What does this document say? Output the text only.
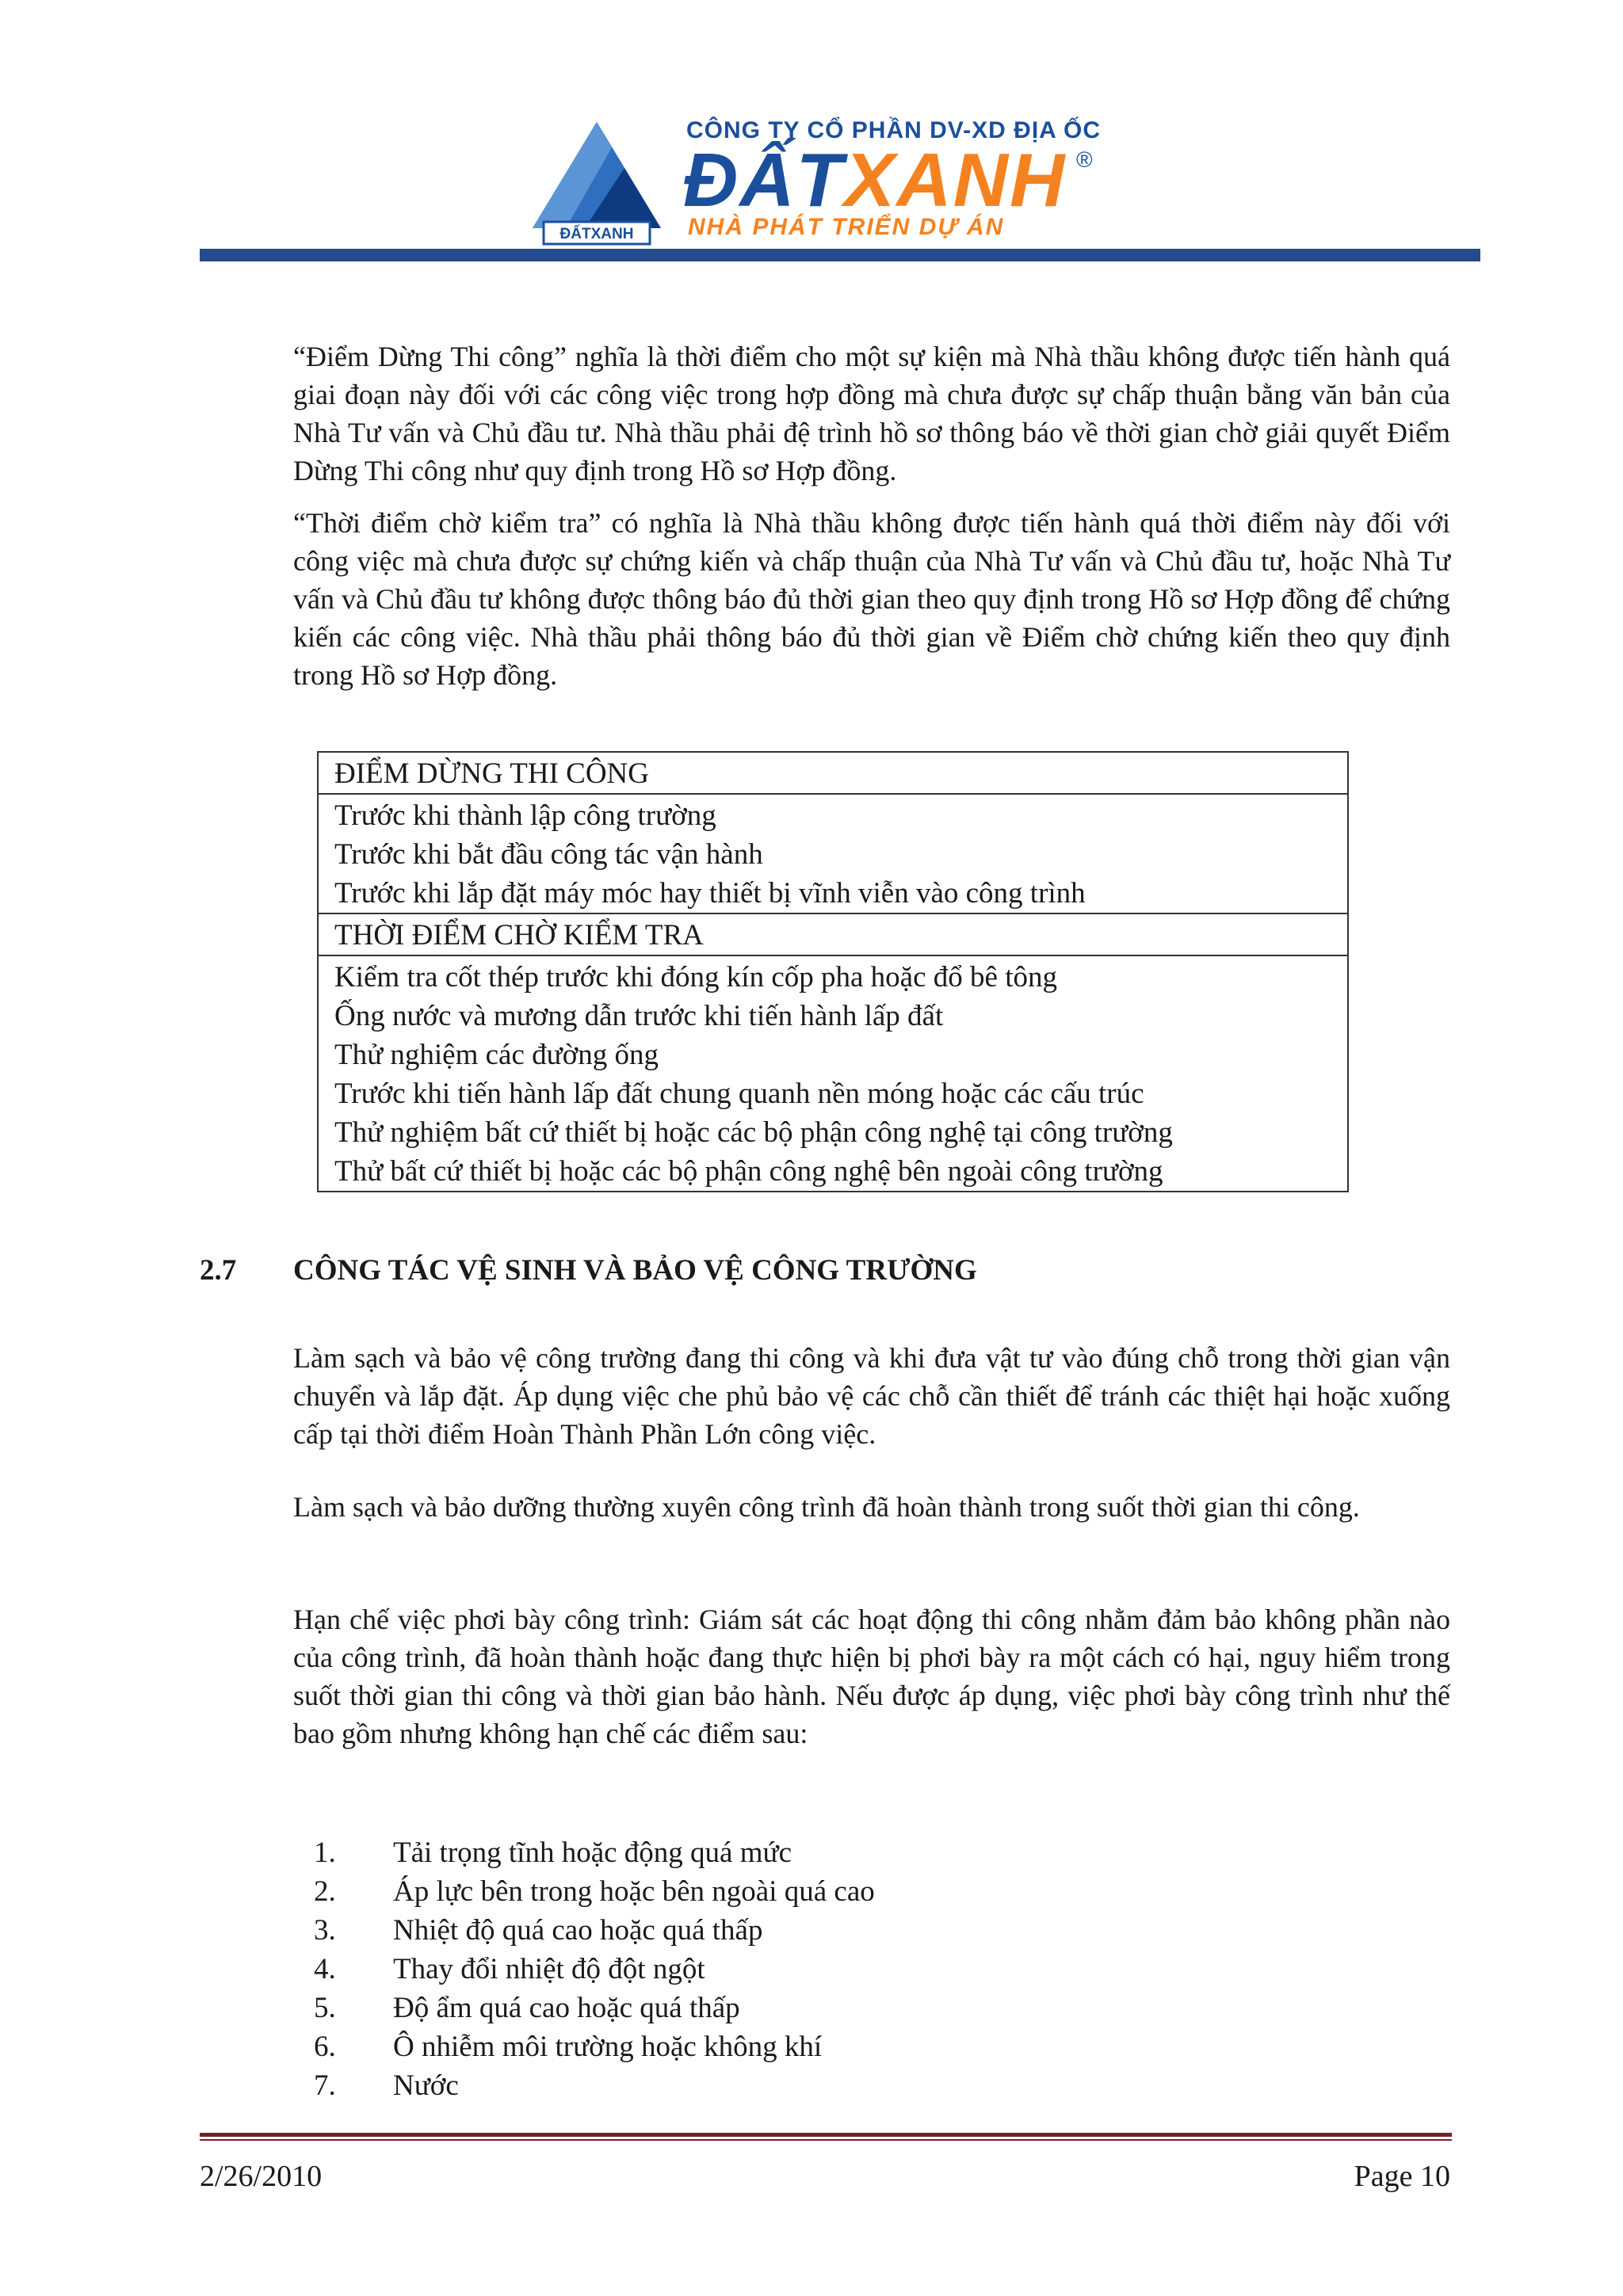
ĐẤTXANH
CÔNG TY CỔ PHẦN DV-XD ĐỊA ỐC
ĐẤTXANH ®
NHÀ PHÁT TRIỂN DỰ ÁN

“Điểm Dừng Thi công” nghĩa là thời điểm cho một sự kiện mà Nhà thầu không được tiến hành quá giai đoạn này đối với các công việc trong hợp đồng mà chưa được sự chấp thuận bằng văn bản của Nhà Tư vấn và Chủ đầu tư. Nhà thầu phải đệ trình hồ sơ thông báo về thời gian chờ giải quyết Điểm Dừng Thi công như quy định trong Hồ sơ Hợp đồng.

“Thời điểm chờ kiểm tra” có nghĩa là Nhà thầu không được tiến hành quá thời điểm này đối với công việc mà chưa được sự chứng kiến và chấp thuận của Nhà Tư vấn và Chủ đầu tư, hoặc Nhà Tư vấn và Chủ đầu tư không được thông báo đủ thời gian theo quy định trong Hồ sơ Hợp đồng để chứng kiến các công việc. Nhà thầu phải thông báo đủ thời gian về Điểm chờ chứng kiến theo quy định trong Hồ sơ Hợp đồng.

ĐIỂM DỪNG THI CÔNG

Trước khi thành lập công trường
Trước khi bắt đầu công tác vận hành
Trước khi lắp đặt máy móc hay thiết bị vĩnh viễn vào công trình

THỜI ĐIỂM CHỜ KIỂM TRA

Kiểm tra cốt thép trước khi đóng kín cốp pha hoặc đổ bê tông
Ống nước và mương dẫn trước khi tiến hành lấp đất
Thử nghiệm các đường ống
Trước khi tiến hành lấp đất chung quanh nền móng hoặc các cấu trúc
Thử nghiệm bất cứ thiết bị hoặc các bộ phận công nghệ tại công trường
Thử bất cứ thiết bị hoặc các bộ phận công nghệ bên ngoài công trường
2.7 CÔNG TÁC VỆ SINH VÀ BẢO VỆ CÔNG TRƯỜNG

Làm sạch và bảo vệ công trường đang thi công và khi đưa vật tư vào đúng chỗ trong thời gian vận chuyển và lắp đặt. Áp dụng việc che phủ bảo vệ các chỗ cần thiết để tránh các thiệt hại hoặc xuống cấp tại thời điểm Hoàn Thành Phần Lớn công việc.

Làm sạch và bảo dưỡng thường xuyên công trình đã hoàn thành trong suốt thời gian thi công.

Hạn chế việc phơi bày công trình: Giám sát các hoạt động thi công nhằm đảm bảo không phần nào của công trình, đã hoàn thành hoặc đang thực hiện bị phơi bày ra một cách có hại, nguy hiểm trong suốt thời gian thi công và thời gian bảo hành. Nếu được áp dụng, việc phơi bày công trình như thế bao gồm nhưng không hạn chế các điểm sau:

1. Tải trọng tĩnh hoặc động quá mức
2. Áp lực bên trong hoặc bên ngoài quá cao
3. Nhiệt độ quá cao hoặc quá thấp
4. Thay đổi nhiệt độ đột ngột
5. Độ ẩm quá cao hoặc quá thấp
6. Ô nhiễm môi trường hoặc không khí
7. Nước
2/26/2010	Page 10
